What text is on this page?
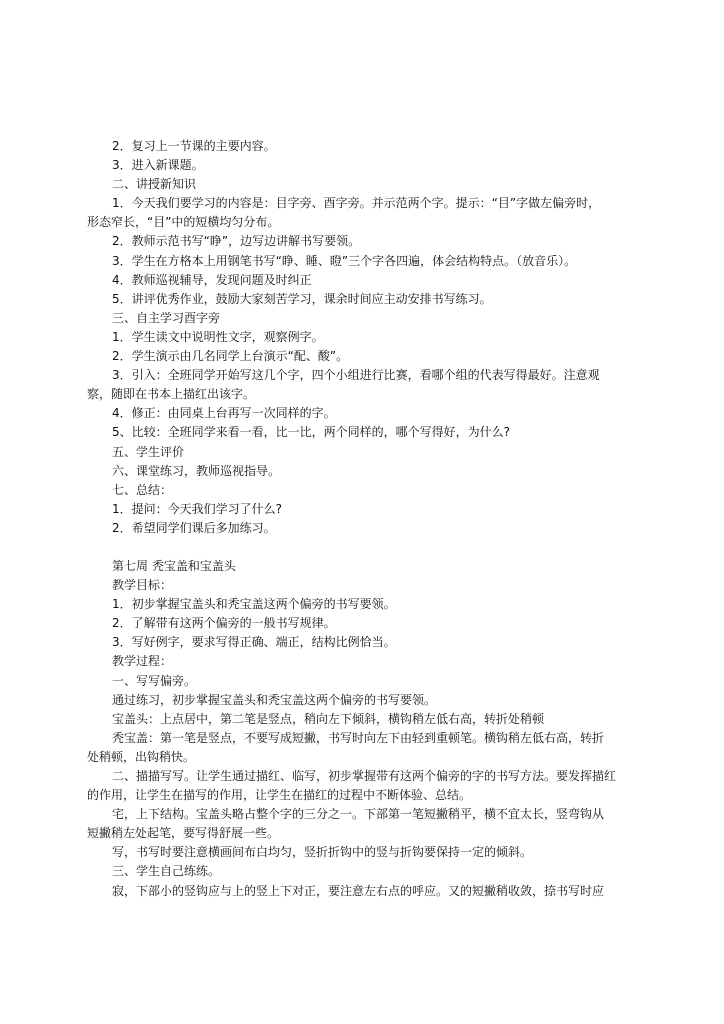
2．复习上一节课的主要内容。
3．进入新课题。
二、讲授新知识
1．今天我们要学习的内容是：目字旁、酉字旁。并示范两个字。提示：“目”字做左偏旁时，
形态窄长，“目”中的短横均匀分布。
2．教师示范书写“睁”，边写边讲解书写要领。
3．学生在方格本上用钢笔书写“睁、睡、瞪”三个字各四遍，体会结构特点。（放音乐）。
4．教师巡视辅导，发现问题及时纠正
5．讲评优秀作业，鼓励大家刻苦学习，课余时间应主动安排书写练习。
三、自主学习酉字旁
1．学生读文中说明性文字，观察例字。
2．学生演示由几名同学上台演示“配、酸”。
3．引入：全班同学开始写这几个字，四个小组进行比赛，看哪个组的代表写得最好。注意观
察，随即在书本上描红出该字。
4．修正：由同桌上台再写一次同样的字。
5、比较：全班同学来看一看，比一比，两个同样的，哪个写得好，为什么?
五、学生评价
六、课堂练习，教师巡视指导。
七、总结：
1．提问：今天我们学习了什么?
2．希望同学们课后多加练习。
第七周 秃宝盖和宝盖头
教学目标：
1．初步掌握宝盖头和秃宝盖这两个偏旁的书写要领。
2．了解带有这两个偏旁的一般书写规律。
3．写好例字，要求写得正确、端正，结构比例恰当。
教学过程：
一、写写偏旁。
通过练习，初步掌握宝盖头和秃宝盖这两个偏旁的书写要领。
宝盖头：上点居中，第二笔是竖点，稍向左下倾斜，横钩稍左低右高，转折处稍顿
秃宝盖：第一笔是竖点，不要写成短撇，书写时向左下由轻到重顿笔。横钩稍左低右高，转折
处稍顿，出钩稍快。
二、描描写写。让学生通过描红、临写，初步掌握带有这两个偏旁的字的书写方法。要发挥描红
的作用，让学生在描写的作用，让学生在描红的过程中不断体验、总结。
宅，上下结构。宝盖头略占整个字的三分之一。下部第一笔短撇稍平，横不宜太长，竖弯钩从
短撇稍左处起笔，要写得舒展一些。
写，书写时要注意横画间布白均匀，竖折折钩中的竖与折钩要保持一定的倾斜。
三、学生自己练练。
寂，下部小的竖钩应与上的竖上下对正，要注意左右点的呼应。又的短撇稍收敛，捺书写时应
